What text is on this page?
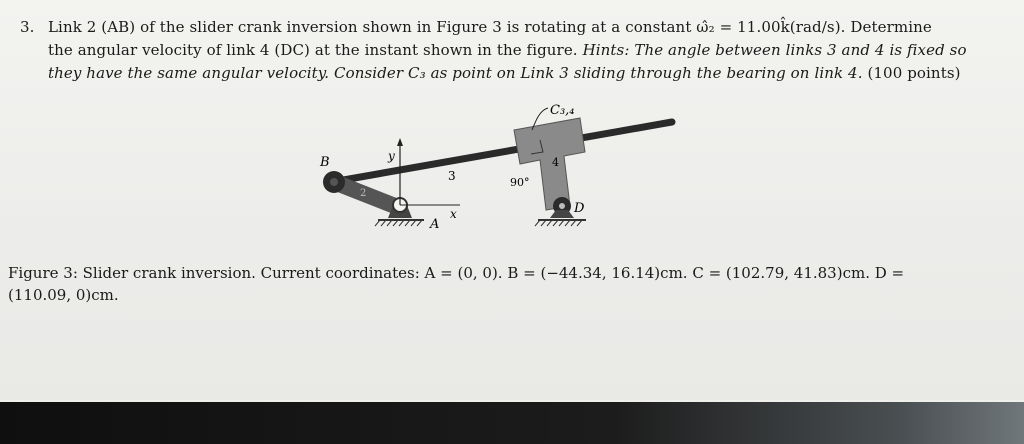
3. Link 2 (AB) of the slider crank inversion shown in Figure 3 is rotating at a constant ω̂₂ = 11.00k̂(rad/s). Determine

the angular velocity of link 4 (DC) at the instant shown in the figure. Hints: The angle between links 3 and 4 is fixed so

they have the same angular velocity. Consider C₃ as point on Link 3 sliding through the bearing on link 4. (100 points)

C₃,₄
B	y
x
A
D
2
3
4
90°

Figure 3: Slider crank inversion. Current coordinates: A = (0, 0). B = (−44.34, 16.14)cm. C = (102.79, 41.83)cm. D =

(110.09, 0)cm.
